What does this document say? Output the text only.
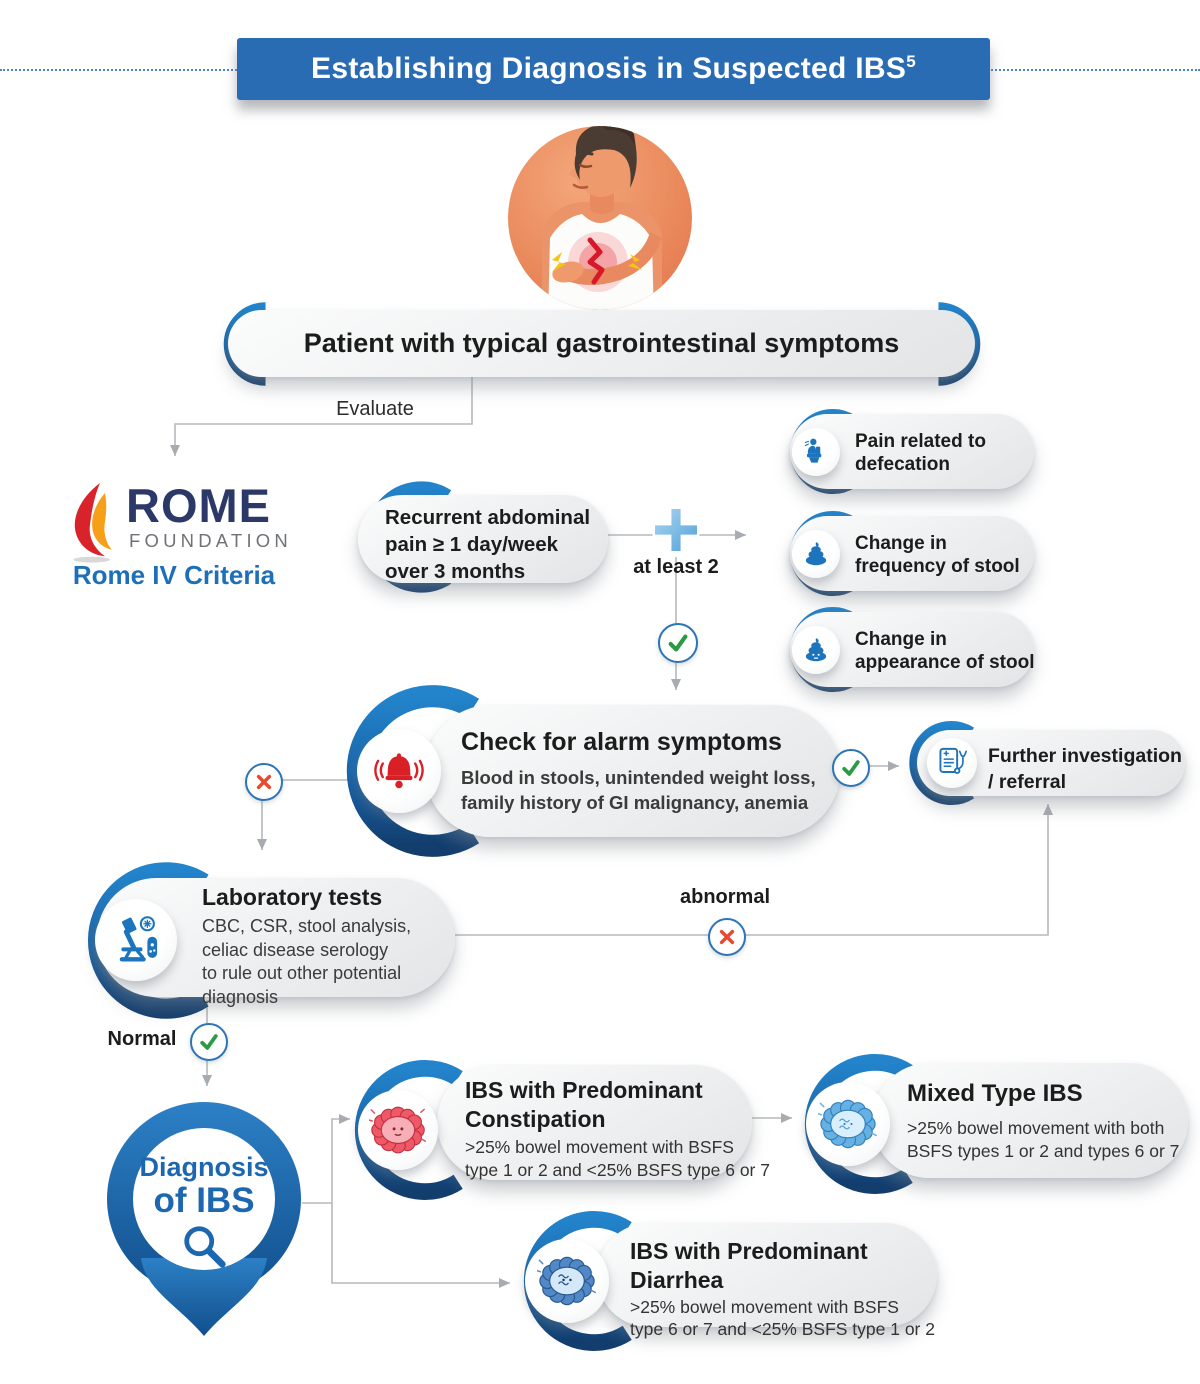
Establishing Diagnosis in Suspected IBS$^5$
Patient with typical gastrointestinal symptoms
Evaluate
ROME
FOUNDATION
Rome IV Criteria
Recurrent abdominal
pain ≥ 1 day/week
over 3 months	at least 2
Pain related to
defecation
Change in
frequency of stool
Change in
appearance of stool
Check for alarm symptoms
Blood in stools, unintended weight loss,
family history of GI malignancy, anemia
Further investigation
/ referral
Laboratory tests
CBC, CSR, stool analysis,
celiac disease serology
to rule out other potential
diagnosis
abnormal
Normal
Diagnosis
of IBS
IBS with Predominant
Constipation
>25% bowel movement with BSFS
type 1 or 2 and <25% BSFS type 6 or 7
Mixed Type IBS
>25% bowel movement with both
BSFS types 1 or 2 and types 6 or 7
IBS with Predominant
Diarrhea
>25% bowel movement with BSFS
type 6 or 7 and <25% BSFS type 1 or 2
